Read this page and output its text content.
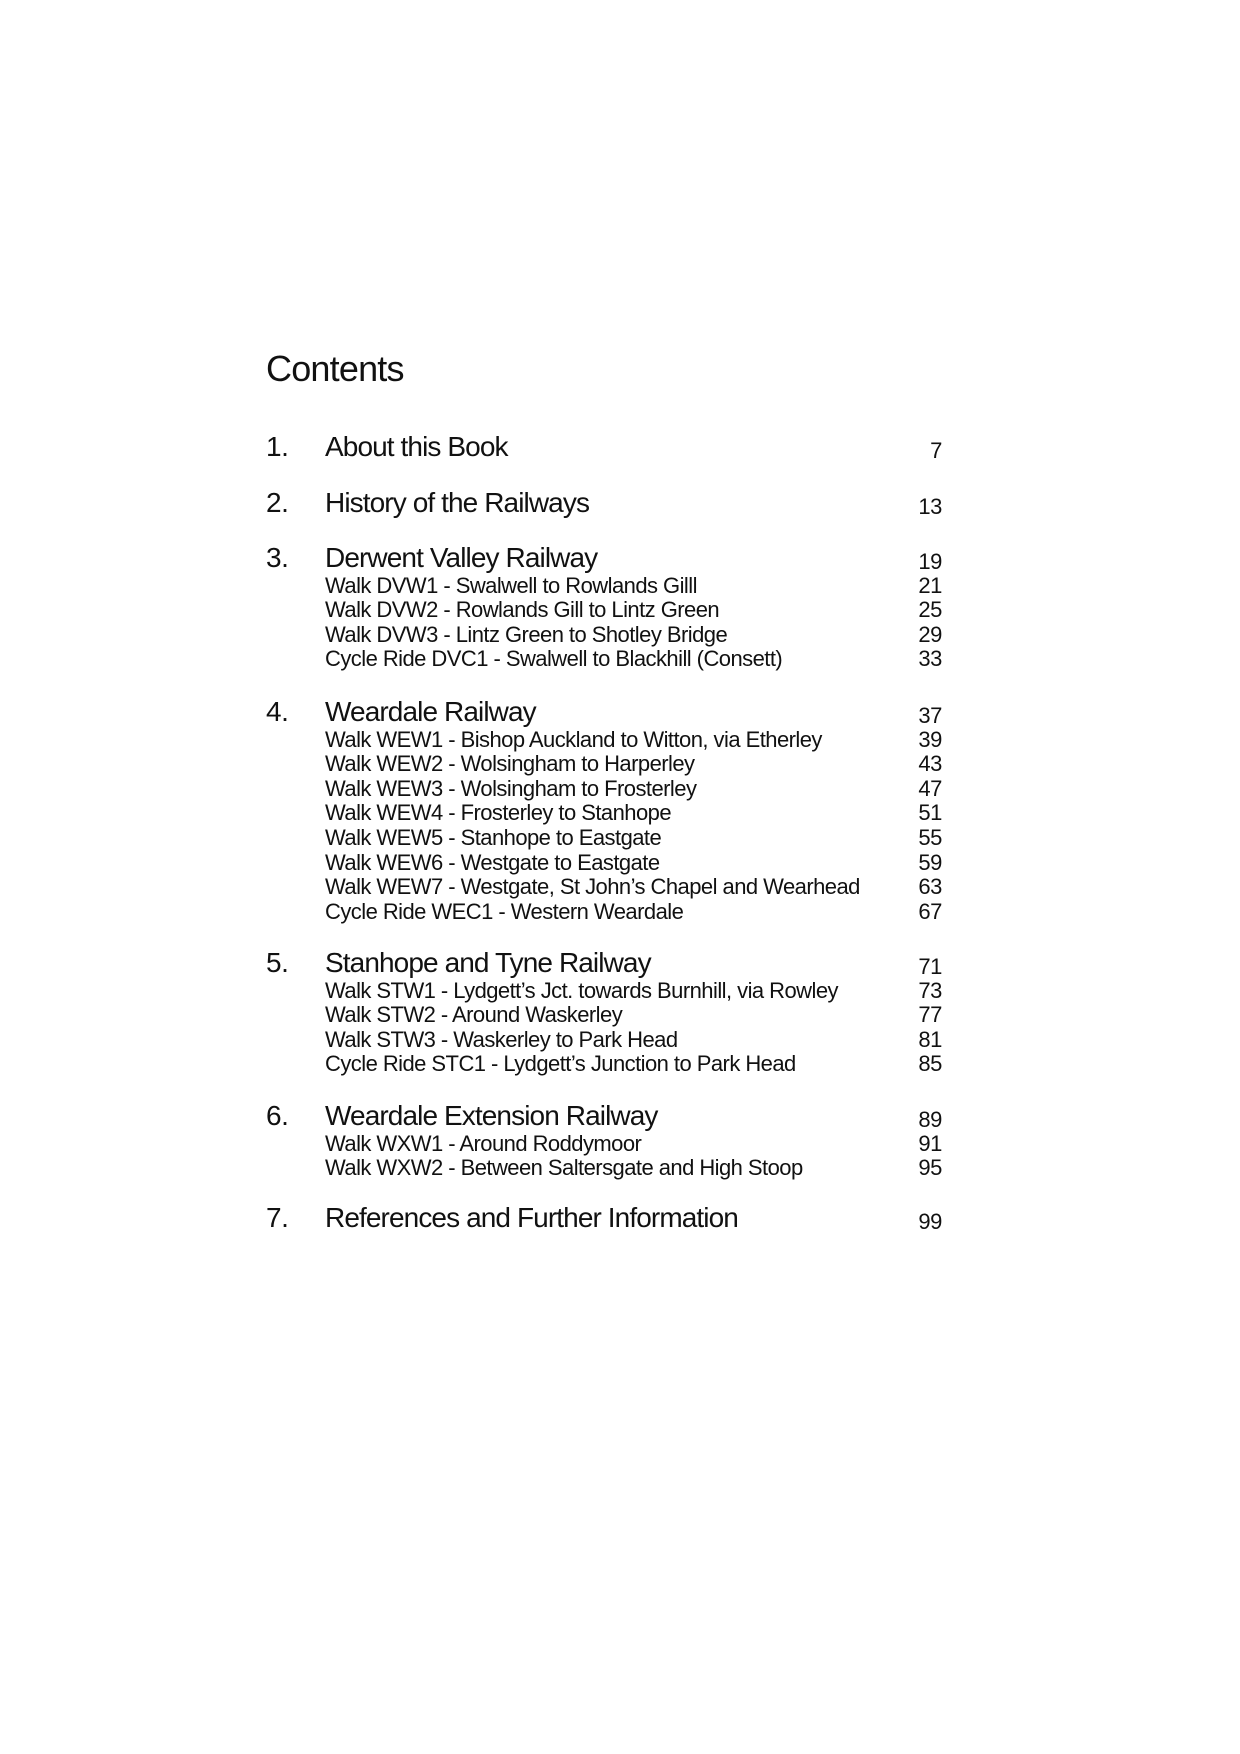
Contents
1. About this Book	7
2. History of the Railways	13
3. Derwent Valley Railway	19
Walk DVW1 - Swalwell to Rowlands Gilll	21
Walk DVW2 - Rowlands Gill to Lintz Green	25
Walk DVW3 - Lintz Green to Shotley Bridge	29
Cycle Ride DVC1 - Swalwell to Blackhill (Consett)	33
4. Weardale Railway	37
Walk WEW1 - Bishop Auckland to Witton, via Etherley	39
Walk WEW2 - Wolsingham to Harperley	43
Walk WEW3 - Wolsingham to Frosterley	47
Walk WEW4 - Frosterley to Stanhope	51
Walk WEW5 - Stanhope to Eastgate	55
Walk WEW6 - Westgate to Eastgate	59
Walk WEW7 - Westgate, St John’s Chapel and Wearhead	63
Cycle Ride WEC1 - Western Weardale	67
5. Stanhope and Tyne Railway	71
Walk STW1 - Lydgett’s Jct. towards Burnhill, via Rowley	73
Walk STW2 - Around Waskerley	77
Walk STW3 - Waskerley to Park Head	81
Cycle Ride STC1 - Lydgett’s Junction to Park Head	85
6. Weardale Extension Railway	89
Walk WXW1 - Around Roddymoor	91
Walk WXW2 - Between Saltersgate and High Stoop	95
7. References and Further Information	99
